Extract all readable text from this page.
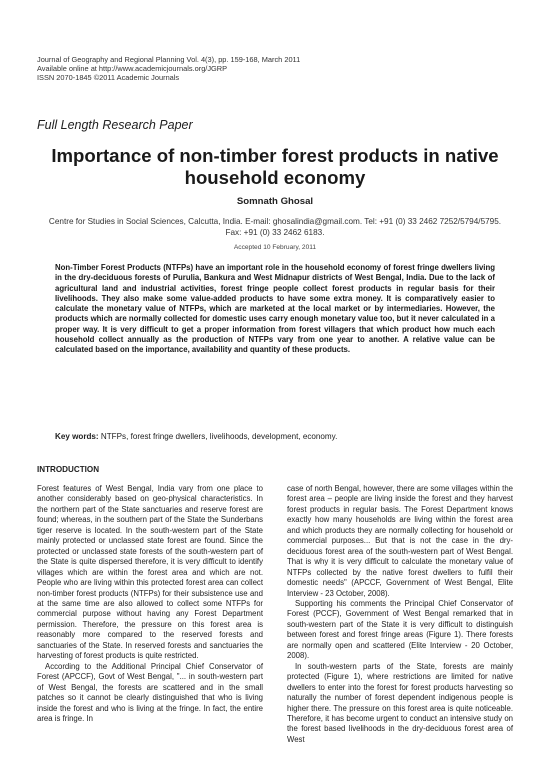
Journal of Geography and Regional Planning Vol. 4(3), pp. 159-168, March 2011
Available online at http://www.academicjournals.org/JGRP
ISSN 2070-1845 ©2011 Academic Journals
Full Length Research Paper
Importance of non-timber forest products in native household economy
Somnath Ghosal
Centre for Studies in Social Sciences, Calcutta, India. E-mail: ghosalindia@gmail.com. Tel: +91 (0) 33 2462 7252/5794/5795. Fax: +91 (0) 33 2462 6183.
Accepted 10 February, 2011
Non-Timber Forest Products (NTFPs) have an important role in the household economy of forest fringe dwellers living in the dry-deciduous forests of Purulia, Bankura and West Midnapur districts of West Bengal, India. Due to the lack of agricultural land and industrial activities, forest fringe people collect forest products in regular basis for their livelihoods. They also make some value-added products to have some extra money. It is comparatively easier to calculate the monetary value of NTFPs, which are marketed at the local market or by intermediaries. However, the products which are normally collected for domestic uses carry enough monetary value too, but it never calculated in a proper way. It is very difficult to get a proper information from forest villagers that which product how much each household collect annually as the production of NTFPs vary from one year to another. A relative value can be calculated based on the importance, availability and quantity of these products.
Key words: NTFPs, forest fringe dwellers, livelihoods, development, economy.
INTRODUCTION

Forest features of West Bengal, India vary from one place to another considerably based on geo-physical characteristics. In the northern part of the State sanctuaries and reserve forest are found; whereas, in the southern part of the State the Sunderbans tiger reserve is located. In the south-western part of the State mainly protected or unclassed state forest are found. Since the protected or unclassed state forests of the south-western part of the State is quite dispersed therefore, it is very difficult to identify villages which are within the forest area and which are not. People who are living within this protected forest area can collect non-timber forest products (NTFPs) for their subsistence use and at the same time are also allowed to collect some NTFPs for commercial purpose without having any Forest Department permission. Therefore, the pressure on this forest area is reasonably more compared to the reserved forests and sanctuaries of the State. In reserved forests and sanctuaries the harvesting of forest products is quite restricted.

According to the Additional Principal Chief Conservator of Forest (APCCF), Govt of West Bengal, "... in south-western part of West Bengal, the forests are scattered and in the small patches so it cannot be clearly distinguished that who is living inside the forest and who is living at the fringe. In fact, the entire area is fringe. In

case of north Bengal, however, there are some villages within the forest area – people are living inside the forest and they harvest forest products in regular basis. The Forest Department knows exactly how many households are living within the forest area and which products they are normally collecting for household or commercial purposes... But that is not the case in the dry-deciduous forest area of the south-western part of West Bengal. That is why it is very difficult to calculate the monetary value of NTFPs collected by the native forest dwellers to fulfil their domestic needs" (APCCF, Government of West Bengal, Elite Interview - 23 October, 2008).

Supporting his comments the Principal Chief Conservator of Forest (PCCF), Government of West Bengal remarked that in south-western part of the State it is very difficult to distinguish between forest and forest fringe areas (Figure 1). There forests are normally open and scattered (Elite Interview - 20 October, 2008).

In south-western parts of the State, forests are mainly protected (Figure 1), where restrictions are limited for native dwellers to enter into the forest for forest products harvesting so naturally the number of forest dependent indigenous people is higher there. The pressure on this forest area is quite noticeable. Therefore, it has become urgent to conduct an intensive study on the forest based livelihoods in the dry-deciduous forest area of West
